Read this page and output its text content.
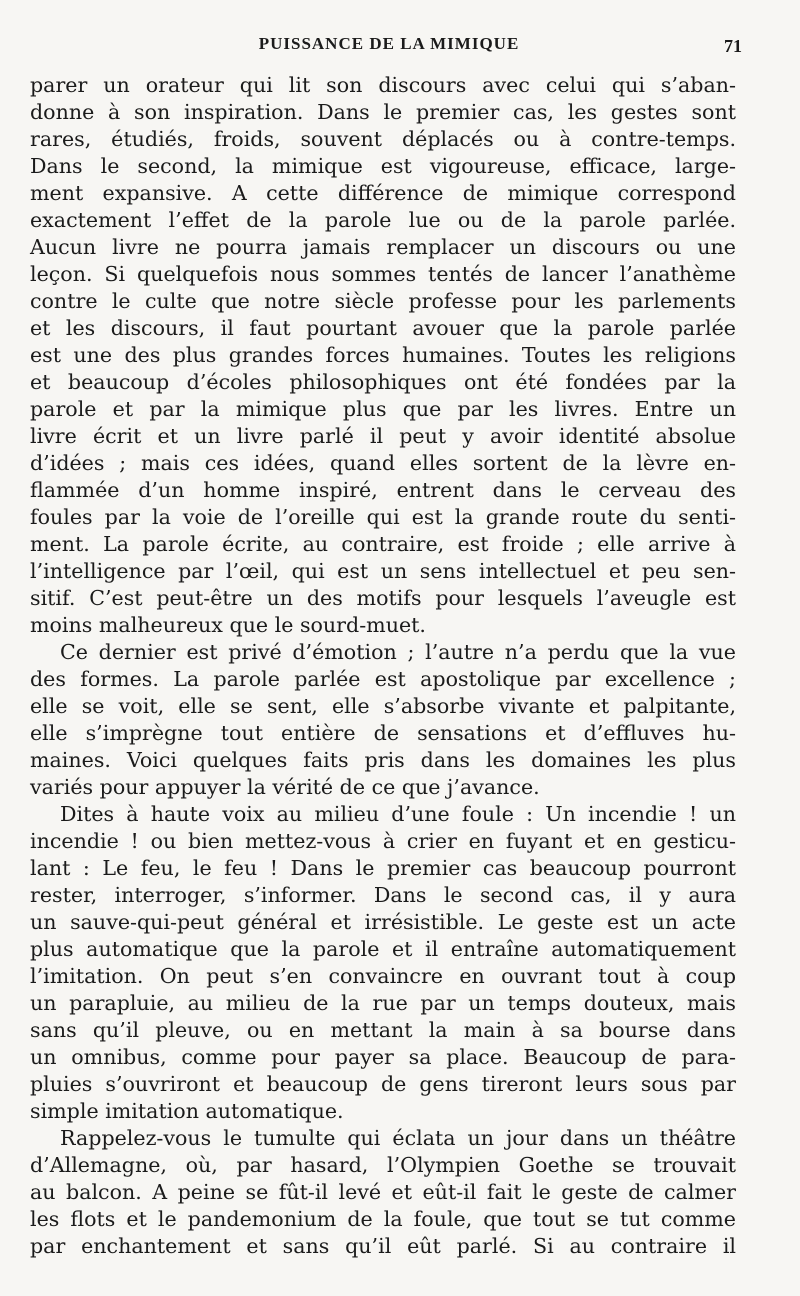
PUISSANCE DE LA MIMIQUE	71
parer un orateur qui lit son discours avec celui qui s’aban-
donne à son inspiration. Dans le premier cas, les gestes sont
rares, étudiés, froids, souvent déplacés ou à contre-temps.
Dans le second, la mimique est vigoureuse, efficace, large-
ment expansive. A cette différence de mimique correspond
exactement l’effet de la parole lue ou de la parole parlée.
Aucun livre ne pourra jamais remplacer un discours ou une
leçon. Si quelquefois nous sommes tentés de lancer l’anathème
contre le culte que notre siècle professe pour les parlements
et les discours, il faut pourtant avouer que la parole parlée
est une des plus grandes forces humaines. Toutes les religions
et beaucoup d’écoles philosophiques ont été fondées par la
parole et par la mimique plus que par les livres. Entre un
livre écrit et un livre parlé il peut y avoir identité absolue
d’idées ; mais ces idées, quand elles sortent de la lèvre en-
flammée d’un homme inspiré, entrent dans le cerveau des
foules par la voie de l’oreille qui est la grande route du senti-
ment. La parole écrite, au contraire, est froide ; elle arrive à
l’intelligence par l’œil, qui est un sens intellectuel et peu sen-
sitif. C’est peut-être un des motifs pour lesquels l’aveugle est
moins malheureux que le sourd-muet.
Ce dernier est privé d’émotion ; l’autre n’a perdu que la vue
des formes. La parole parlée est apostolique par excellence ;
elle se voit, elle se sent, elle s’absorbe vivante et palpitante,
elle s’imprègne tout entière de sensations et d’effluves hu-
maines. Voici quelques faits pris dans les domaines les plus
variés pour appuyer la vérité de ce que j’avance.
Dites à haute voix au milieu d’une foule : Un incendie ! un
incendie ! ou bien mettez-vous à crier en fuyant et en gesticu-
lant : Le feu, le feu ! Dans le premier cas beaucoup pourront
rester, interroger, s’informer. Dans le second cas, il y aura
un sauve-qui-peut général et irrésistible. Le geste est un acte
plus automatique que la parole et il entraîne automatiquement
l’imitation. On peut s’en convaincre en ouvrant tout à coup
un parapluie, au milieu de la rue par un temps douteux, mais
sans qu’il pleuve, ou en mettant la main à sa bourse dans
un omnibus, comme pour payer sa place. Beaucoup de para-
pluies s’ouvriront et beaucoup de gens tireront leurs sous par
simple imitation automatique.
Rappelez-vous le tumulte qui éclata un jour dans un théâtre
d’Allemagne, où, par hasard, l’Olympien Goethe se trouvait
au balcon. A peine se fût-il levé et eût-il fait le geste de calmer
les flots et le pandemonium de la foule, que tout se tut comme
par enchantement et sans qu’il eût parlé. Si au contraire il
